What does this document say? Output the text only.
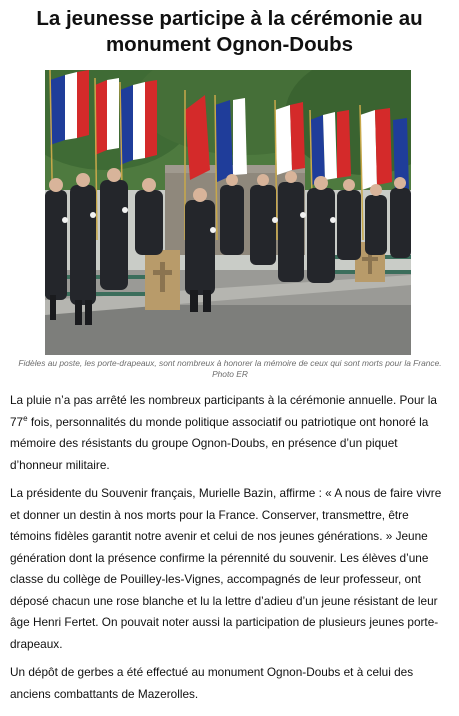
La jeunesse participe à la cérémonie au
monument Ognon-Doubs
Fidèles au poste, les porte-drapeaux, sont nombreux à honorer la mémoire de ceux qui sont morts pour la France. Photo ER

La pluie n’a pas arrêté les nombreux participants à la cérémonie annuelle. Pour la 77e fois, personnalités du monde politique associatif ou patriotique ont honoré la mémoire des résistants du groupe Ognon-Doubs, en présence d’un piquet d’honneur militaire.

La présidente du Souvenir français, Murielle Bazin, affirme : « A nous de faire vivre et donner un destin à nos morts pour la France. Conserver, transmettre, être témoins fidèles garantit notre avenir et celui de nos jeunes générations. » Jeune génération dont la présence confirme la pérennité du souvenir. Les élèves d’une classe du collège de Pouilley-les-Vignes, accompagnés de leur professeur, ont déposé chacun une rose blanche et lu la lettre d’adieu d’un jeune résistant de leur âge Henri Fertet. On pouvait noter aussi la participation de plusieurs jeunes porte-drapeaux.

Un dépôt de gerbes a été effectué au monument Ognon-Doubs et à celui des anciens combattants de Mazerolles.
